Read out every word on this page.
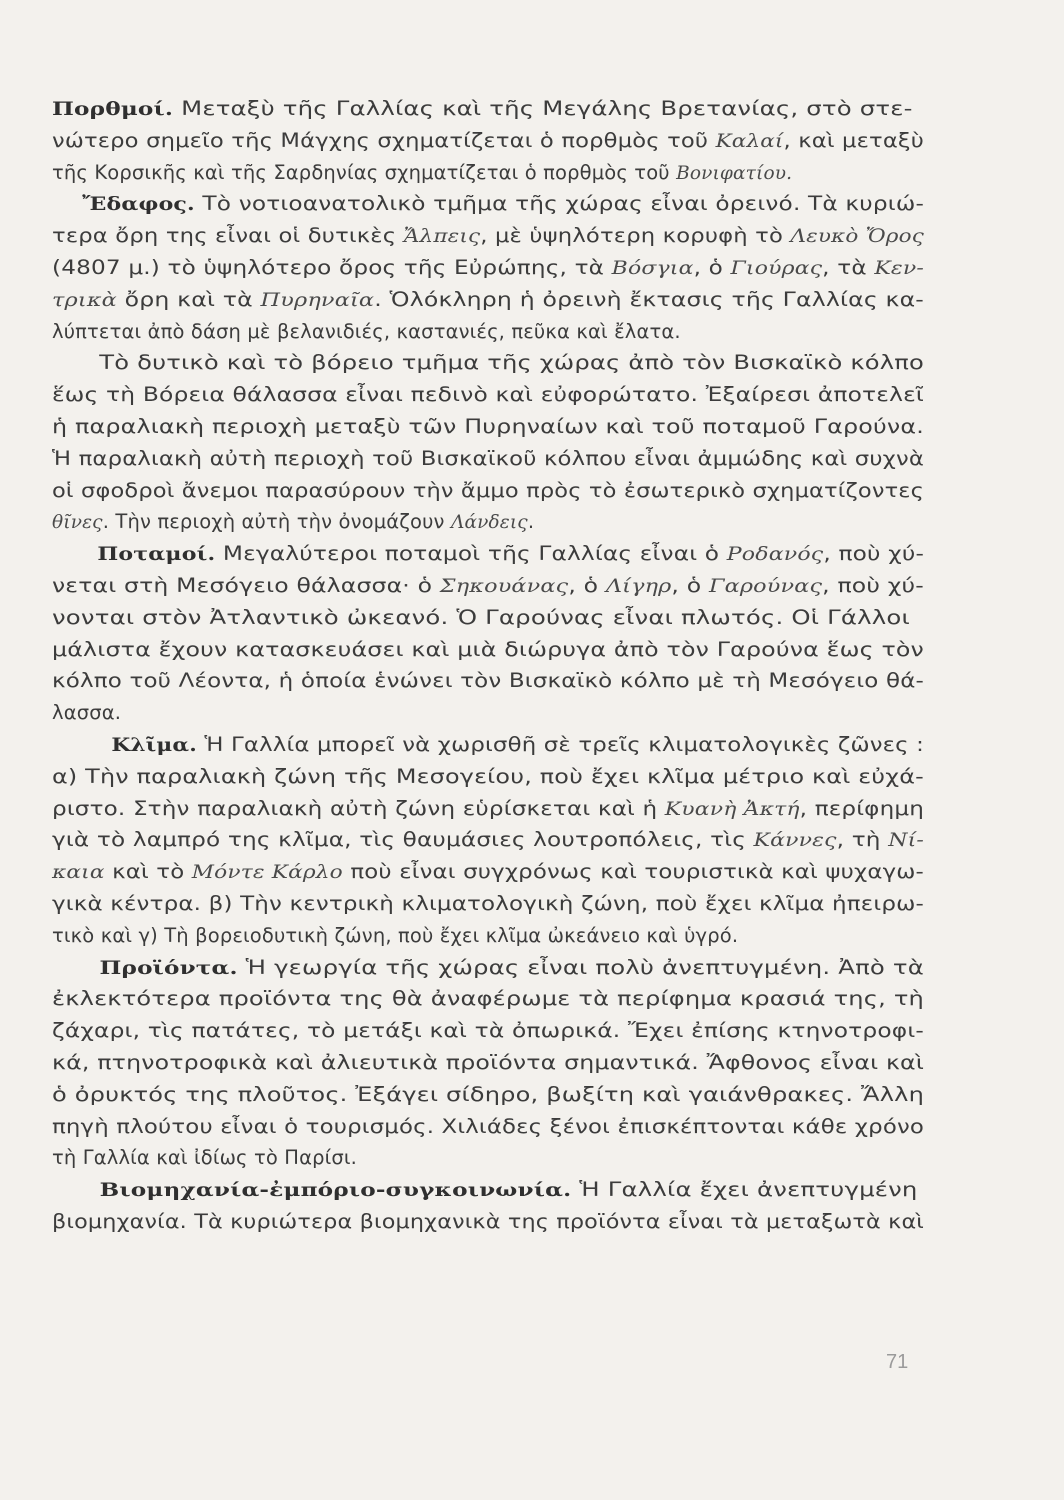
Πορθμοί. Μεταξὺ τῆς Γαλλίας καὶ τῆς Μεγάλης Βρετανίας, στὸ στε-
νώτερο σημεῖο τῆς Μάγχης σχηματίζεται ὁ πορθμὸς τοῦ Καλαί, καὶ μεταξὺ
τῆς Κορσικῆς καὶ τῆς Σαρδηνίας σχηματίζεται ὁ πορθμὸς τοῦ Βονιφατίου.
Ἔδαφος. Τὸ νοτιοανατολικὸ τμῆμα τῆς χώρας εἶναι ὀρεινό. Τὰ κυριώ-
τερα ὄρη της εἶναι οἱ δυτικὲς Ἄλπεις, μὲ ὑψηλότερη κορυφὴ τὸ Λευκὸ Ὄρος
(4807 μ.) τὸ ὑψηλότερο ὄρος τῆς Εὐρώπης, τὰ Βόσγια, ὁ Γιούρας, τὰ Κεν-
τρικὰ ὄρη καὶ τὰ Πυρηναῖα. Ὁλόκληρη ἡ ὀρεινὴ ἔκτασις τῆς Γαλλίας κα-
λύπτεται ἀπὸ δάση μὲ βελανιδιές, καστανιές, πεῦκα καὶ ἔλατα.
Τὸ δυτικὸ καὶ τὸ βόρειο τμῆμα τῆς χώρας ἀπὸ τὸν Βισκαϊκὸ κόλπο
ἕως τὴ Βόρεια θάλασσα εἶναι πεδινὸ καὶ εὐφορώτατο. Ἐξαίρεσι ἀποτελεῖ
ἡ παραλιακὴ περιοχὴ μεταξὺ τῶν Πυρηναίων καὶ τοῦ ποταμοῦ Γαρούνα.
Ἡ παραλιακὴ αὐτὴ περιοχὴ τοῦ Βισκαϊκοῦ κόλπου εἶναι ἀμμώδης καὶ συχνὰ
οἱ σφοδροὶ ἄνεμοι παρασύρουν τὴν ἄμμο πρὸς τὸ ἐσωτερικὸ σχηματίζοντες
θῖνες. Τὴν περιοχὴ αὐτὴ τὴν ὀνομάζουν Λάνδεις.
Ποταμοί. Μεγαλύτεροι ποταμοὶ τῆς Γαλλίας εἶναι ὁ Ροδανός, ποὺ χύ-
νεται στὴ Μεσόγειο θάλασσα· ὁ Σηκουάνας, ὁ Λίγηρ, ὁ Γαρούνας, ποὺ χύ-
νονται στὸν Ἀτλαντικὸ ὠκεανό. Ὁ Γαρούνας εἶναι πλωτός. Οἱ Γάλλοι
μάλιστα ἔχουν κατασκευάσει καὶ μιὰ διώρυγα ἀπὸ τὸν Γαρούνα ἕως τὸν
κόλπο τοῦ Λέοντα, ἡ ὁποία ἑνώνει τὸν Βισκαϊκὸ κόλπο μὲ τὴ Μεσόγειο θά-
λασσα.
Κλῖμα. Ἡ Γαλλία μπορεῖ νὰ χωρισθῆ σὲ τρεῖς κλιματολογικὲς ζῶνες :
α) Τὴν παραλιακὴ ζώνη τῆς Μεσογείου, ποὺ ἔχει κλῖμα μέτριο καὶ εὐχά-
ριστο. Στὴν παραλιακὴ αὐτὴ ζώνη εὑρίσκεται καὶ ἡ Κυανὴ Ἀκτή, περίφημη
γιὰ τὸ λαμπρό της κλῖμα, τὶς θαυμάσιες λουτροπόλεις, τὶς Κάννες, τὴ Νί-
καια καὶ τὸ Μόντε Κάρλο ποὺ εἶναι συγχρόνως καὶ τουριστικὰ καὶ ψυχαγω-
γικὰ κέντρα. β) Τὴν κεντρικὴ κλιματολογικὴ ζώνη, ποὺ ἔχει κλῖμα ἠπειρω-
τικὸ καὶ γ) Τὴ βορειοδυτικὴ ζώνη, ποὺ ἔχει κλῖμα ὠκεάνειο καὶ ὑγρό.
Προϊόντα. Ἡ γεωργία τῆς χώρας εἶναι πολὺ ἀνεπτυγμένη. Ἀπὸ τὰ
ἐκλεκτότερα προϊόντα της θὰ ἀναφέρωμε τὰ περίφημα κρασιά της, τὴ
ζάχαρι, τὶς πατάτες, τὸ μετάξι καὶ τὰ ὀπωρικά. Ἔχει ἐπίσης κτηνοτροφι-
κά, πτηνοτροφικὰ καὶ ἀλιευτικὰ προϊόντα σημαντικά. Ἄφθονος εἶναι καὶ
ὁ ὀρυκτός της πλοῦτος. Ἐξάγει σίδηρο, βωξίτη καὶ γαιάνθρακες. Ἄλλη
πηγὴ πλούτου εἶναι ὁ τουρισμός. Χιλιάδες ξένοι ἐπισκέπτονται κάθε χρόνο
τὴ Γαλλία καὶ ἰδίως τὸ Παρίσι.
Βιομηχανία-ἐμπόριο-συγκοινωνία. Ἡ Γαλλία ἔχει ἀνεπτυγμένη
βιομηχανία. Τὰ κυριώτερα βιομηχανικὰ της προϊόντα εἶναι τὰ μεταξωτὰ καὶ
71
